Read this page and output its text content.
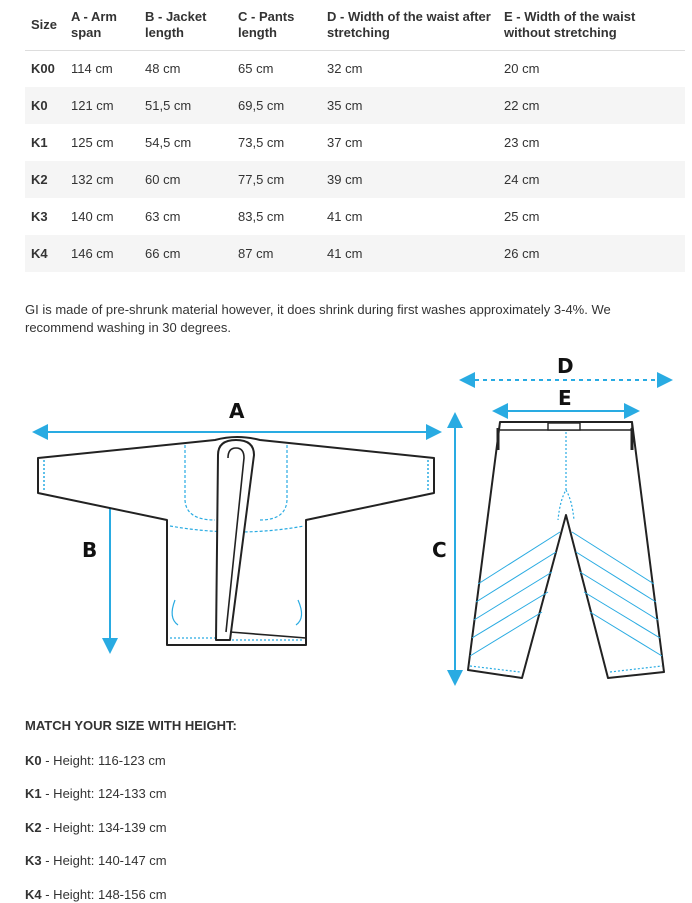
Size	A - Arm span	B - Jacket length	C - Pants length	D - Width of the waist after stretching	E - Width of the waist without stretching
K00	114 cm	48 cm	65 cm	32 cm	20 cm
K0	121 cm	51,5 cm	69,5 cm	35 cm	22 cm
K1	125 cm	54,5 cm	73,5 cm	37 cm	23 cm
K2	132 cm	60 cm	77,5 cm	39 cm	24 cm
K3	140 cm	63 cm	83,5 cm	41 cm	25 cm
K4	146 cm	66 cm	87 cm	41 cm	26 cm

GI is made of pre-shrunk material however, it does shrink during first washes approximately 3-4%. We recommend washing in 30 degrees.

A
B	C
D
E
MATCH YOUR SIZE WITH HEIGHT:
K0 - Height: 116-123 cm
K1 - Height: 124-133 cm
K2 - Height: 134-139 cm
K3 - Height: 140-147 cm
K4 - Height: 148-156 cm
